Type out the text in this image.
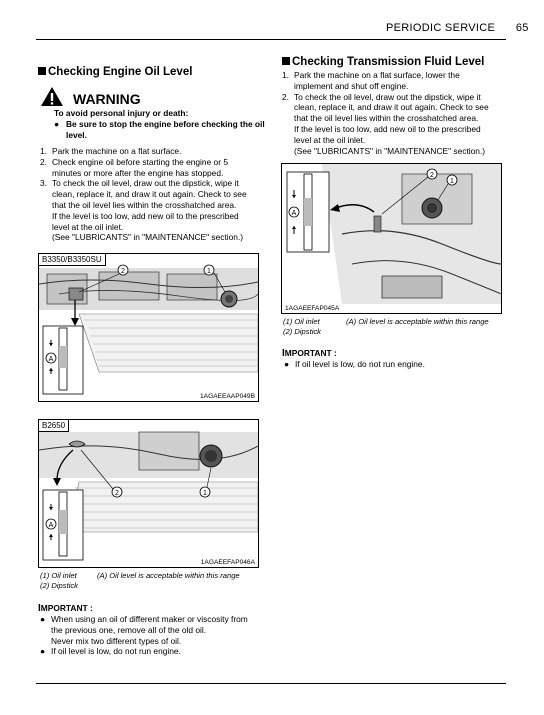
PERIODIC SERVICE 65
Checking Engine Oil Level
WARNING
To avoid personal injury or death:
● Be sure to stop the engine before checking the oil level.
1. Park the machine on a flat surface.
2. Check engine oil before starting the engine or 5 minutes or more after the engine has stopped.
3. To check the oil level, draw out the dipstick, wipe it clean, replace it, and draw it out again. Check to see that the oil level lies within the crosshatched area.
If the level is too low, add new oil to the prescribed level at the oil inlet.
(See "LUBRICANTS" in "MAINTENANCE" section.)
A
2	1
B3350/B3350SU
1AGAEEAAP049B
A
2	1
B2650
1AGAEEFAP046A
(1) Oil inlet	(A) Oil level is acceptable within this range
(2) Dipstick
IMPORTANT :
● When using an oil of different maker or viscosity from the previous one, remove all of the old oil.
Never mix two different types of oil.
● If oil level is low, do not run engine.
Checking Transmission Fluid Level
1. Park the machine on a flat surface, lower the implement and shut off engine.
2. To check the oil level, draw out the dipstick, wipe it clean, replace it, and draw it out again. Check to see that the oil level lies within the crosshatched area.
If the level is too low, add new oil to the prescribed level at the oil inlet.
(See "LUBRICANTS" in "MAINTENANCE" section.)
A
2
1
1AGAEEFAP045A
(1) Oil inlet	(A) Oil level is acceptable within this range
(2) Dipstick
IMPORTANT :
● If oil level is low, do not run engine.
